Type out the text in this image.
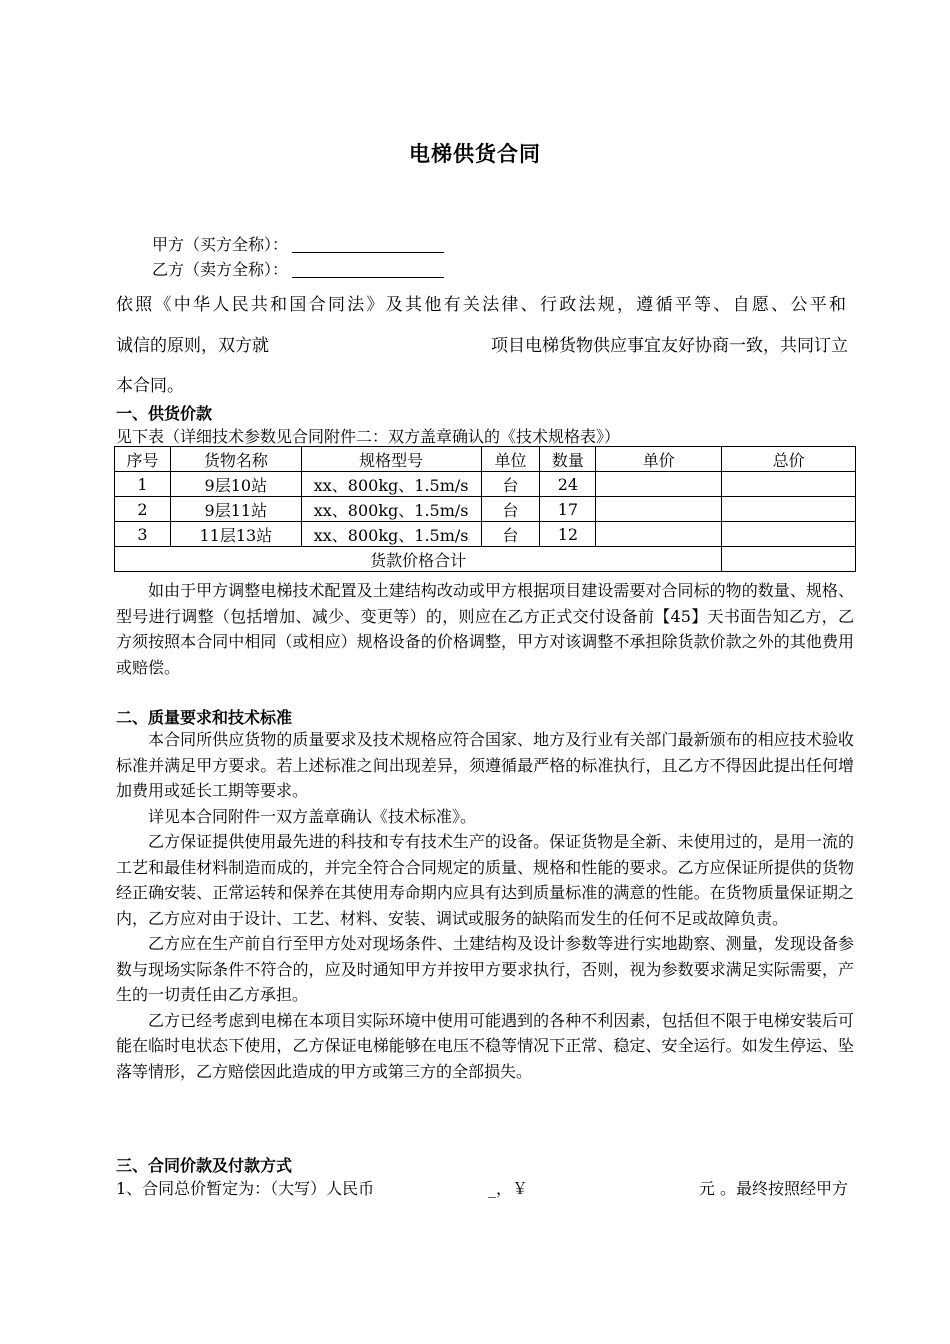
电梯供货合同
甲方（买方全称）：
乙方（卖方全称）：
依照《中华人民共和国合同法》及其他有关法律、行政法规，遵循平等、自愿、公平和
诚信的原则，双方就	项目电梯货物供应事宜友好协商一致，共同订立
本合同。
一、供货价款
见下表（详细技术参数见合同附件二：双方盖章确认的《技术规格表》）
序号	货物名称	规格型号	单位	数量	单价	总价
1	9层10站	xx、800kg、1.5m/s	台	24		
2	9层11站	xx、800kg、1.5m/s	台	17		
3	11层13站	xx、800kg、1.5m/s	台	12		
货款价格合计						

如由于甲方调整电梯技术配置及土建结构改动或甲方根据项目建设需要对合同标的物的数量、规格、型号进行调整（包括增加、减少、变更等）的，则应在乙方正式交付设备前【45】天书面告知乙方，乙方须按照本合同中相同（或相应）规格设备的价格调整，甲方对该调整不承担除货款价款之外的其他费用或赔偿。

二、质量要求和技术标准

本合同所供应货物的质量要求及技术规格应符合国家、地方及行业有关部门最新颁布的相应技术验收标准并满足甲方要求。若上述标准之间出现差异，须遵循最严格的标准执行，且乙方不得因此提出任何增加费用或延长工期等要求。

详见本合同附件一双方盖章确认《技术标准》。

乙方保证提供使用最先进的科技和专有技术生产的设备。保证货物是全新、未使用过的，是用一流的工艺和最佳材料制造而成的，并完全符合合同规定的质量、规格和性能的要求。乙方应保证所提供的货物经正确安装、正常运转和保养在其使用寿命期内应具有达到质量标准的满意的性能。在货物质量保证期之内，乙方应对由于设计、工艺、材料、安装、调试或服务的缺陷而发生的任何不足或故障负责。

乙方应在生产前自行至甲方处对现场条件、土建结构及设计参数等进行实地勘察、测量，发现设备参数与现场实际条件不符合的，应及时通知甲方并按甲方要求执行，否则，视为参数要求满足实际需要，产生的一切责任由乙方承担。

乙方已经考虑到电梯在本项目实际环境中使用可能遇到的各种不利因素，包括但不限于电梯安装后可能在临时电状态下使用，乙方保证电梯能够在电压不稳等情况下正常、稳定、安全运行。如发生停运、坠落等情形，乙方赔偿因此造成的甲方或第三方的全部损失。

三、合同价款及付款方式
1、合同总价暂定为：（大写）人民币	_，￥	元 。最终按照经甲方
